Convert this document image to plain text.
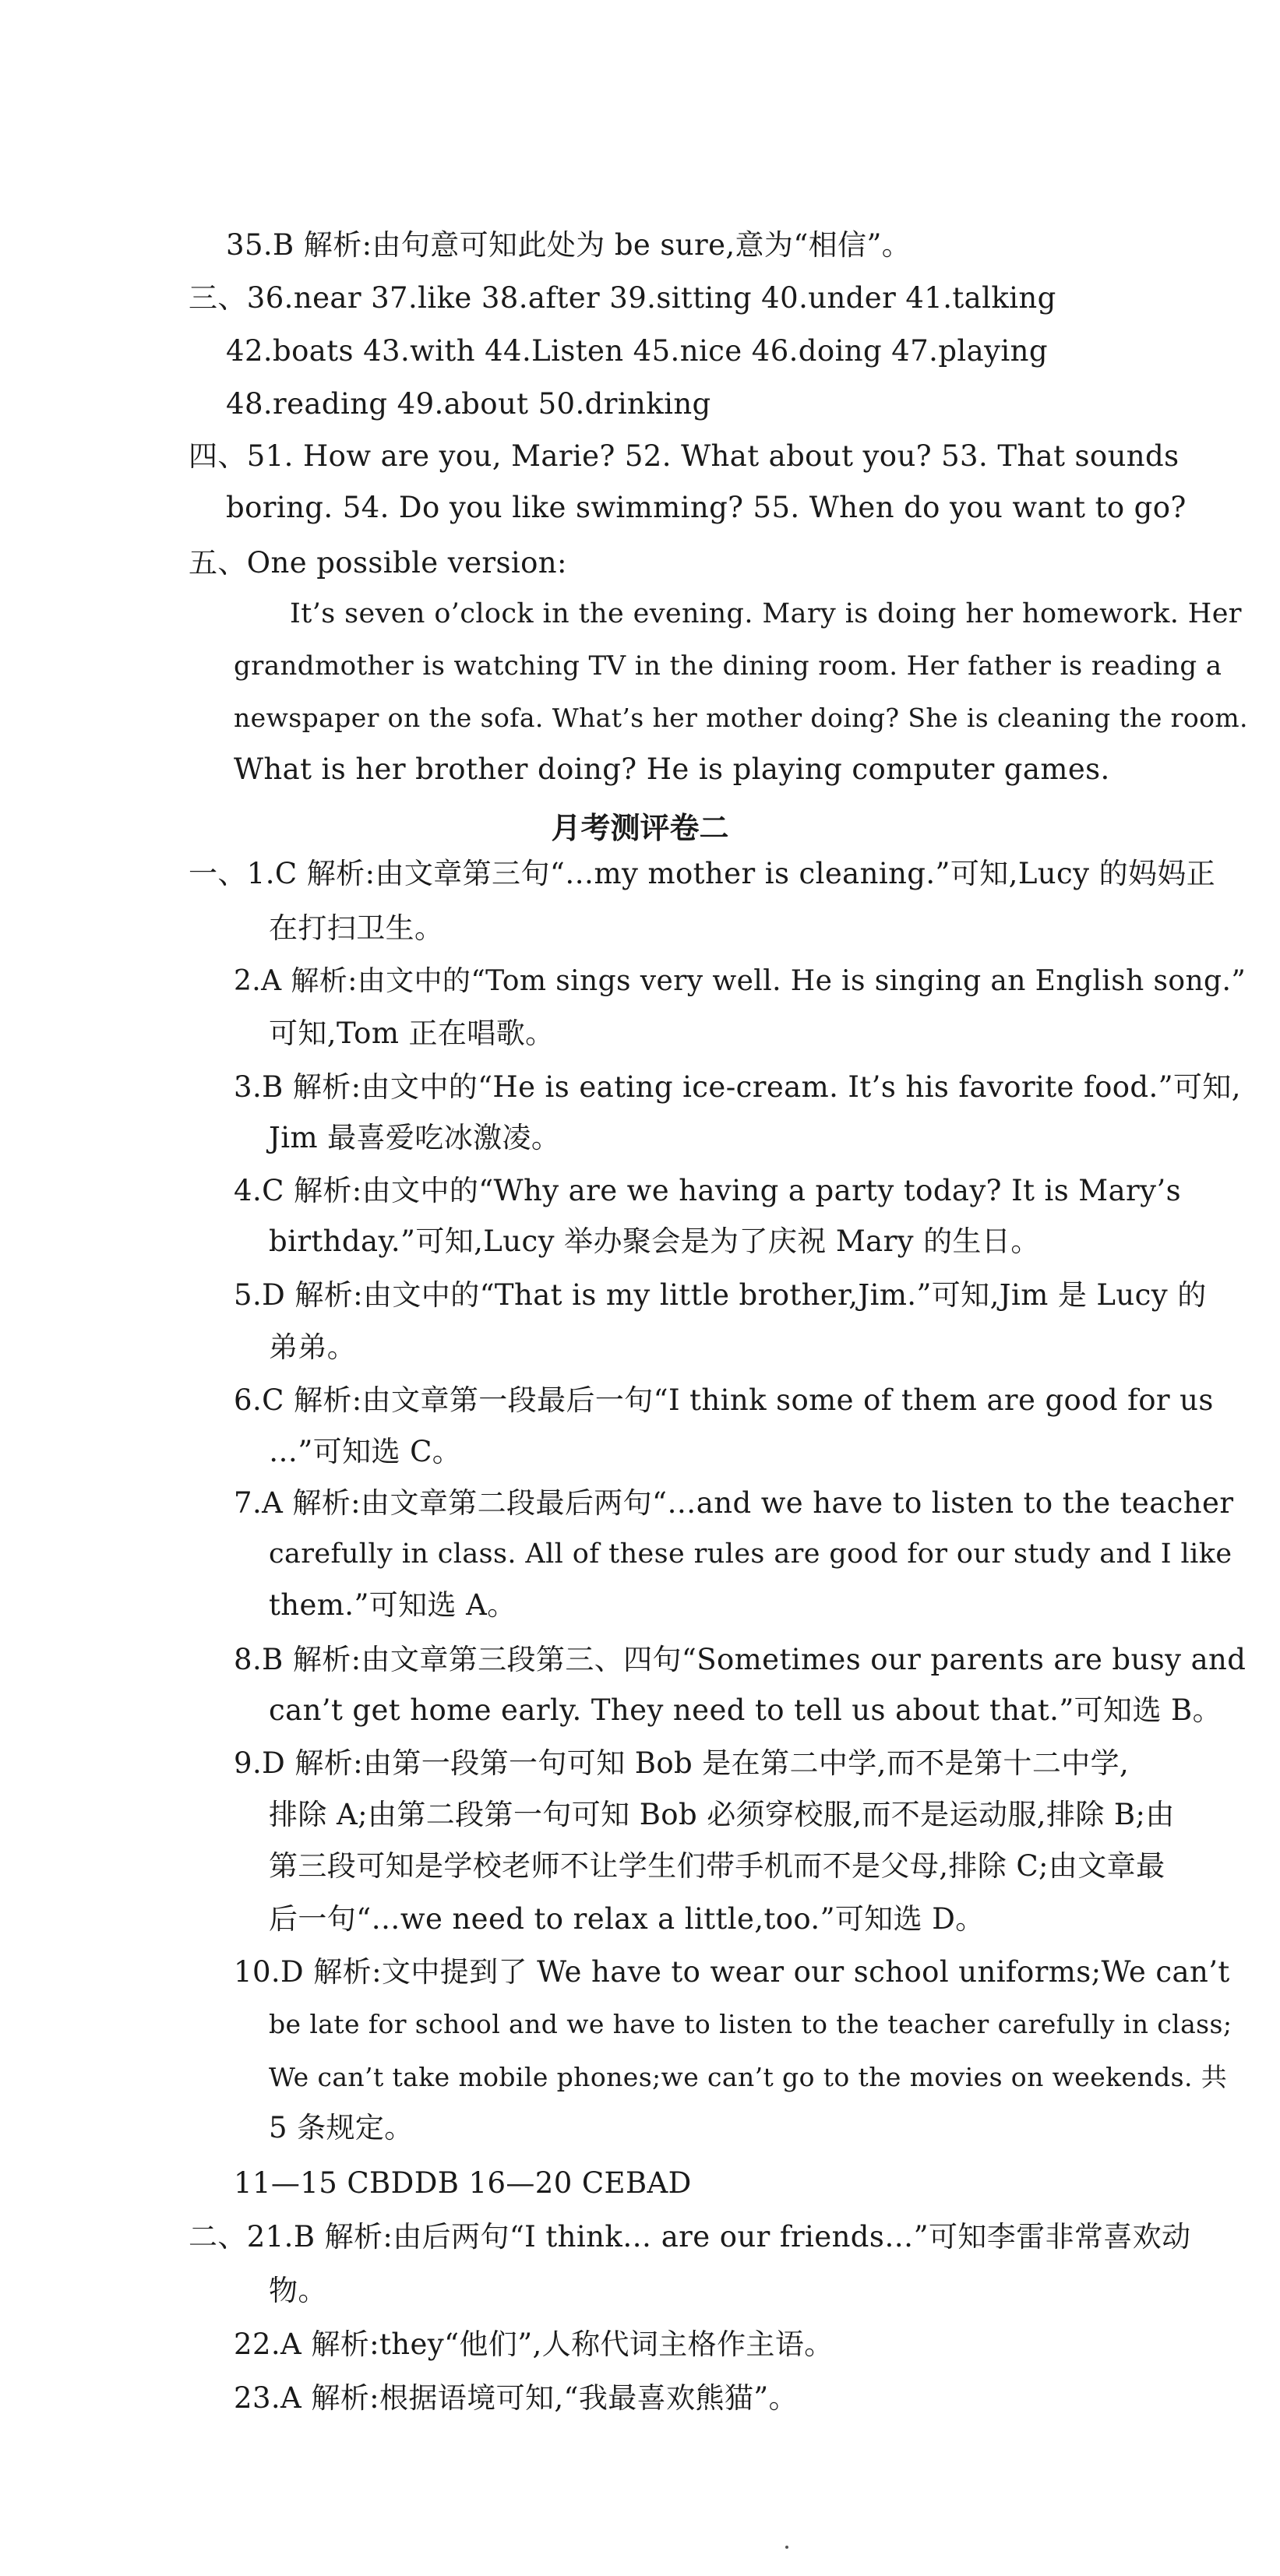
35.B 解析:由句意可知此处为 be sure,意为“相信”。
三、36.near 37.like 38.after 39.sitting 40.under 41.talking
42.boats 43.with 44.Listen 45.nice 46.doing 47.playing
48.reading 49.about 50.drinking
四、51. How are you, Marie? 52. What about you? 53. That sounds
boring. 54. Do you like swimming? 55. When do you want to go?
五、One possible version:
It’s seven o’clock in the evening. Mary is doing her homework. Her
grandmother is watching TV in the dining room. Her father is reading a
newspaper on the sofa. What’s her mother doing? She is cleaning the room.
What is her brother doing? He is playing computer games.
月考测评卷二
一、1.C 解析:由文章第三句“…my mother is cleaning.”可知,Lucy 的妈妈正
在打扫卫生。
2.A 解析:由文中的“Tom sings very well. He is singing an English song.”
可知,Tom 正在唱歌。
3.B 解析:由文中的“He is eating ice-cream. It’s his favorite food.”可知,
Jim 最喜爱吃冰激凌。
4.C 解析:由文中的“Why are we having a party today? It is Mary’s
birthday.”可知,Lucy 举办聚会是为了庆祝 Mary 的生日。
5.D 解析:由文中的“That is my little brother,Jim.”可知,Jim 是 Lucy 的
弟弟。
6.C 解析:由文章第一段最后一句“I think some of them are good for us
…”可知选 C。
7.A 解析:由文章第二段最后两句“…and we have to listen to the teacher
carefully in class. All of these rules are good for our study and I like
them.”可知选 A。
8.B 解析:由文章第三段第三、四句“Sometimes our parents are busy and
can’t get home early. They need to tell us about that.”可知选 B。
9.D 解析:由第一段第一句可知 Bob 是在第二中学,而不是第十二中学,
排除 A;由第二段第一句可知 Bob 必须穿校服,而不是运动服,排除 B;由
第三段可知是学校老师不让学生们带手机而不是父母,排除 C;由文章最
后一句“…we need to relax a little,too.”可知选 D。
10.D 解析:文中提到了 We have to wear our school uniforms;We can’t
be late for school and we have to listen to the teacher carefully in class;
We can’t take mobile phones;we can’t go to the movies on weekends. 共
5 条规定。
11—15 CBDDB 16—20 CEBAD
二、21.B 解析:由后两句“I think… are our friends…”可知李雷非常喜欢动
物。
22.A 解析:they“他们”,人称代词主格作主语。
23.A 解析:根据语境可知,“我最喜欢熊猫”。
